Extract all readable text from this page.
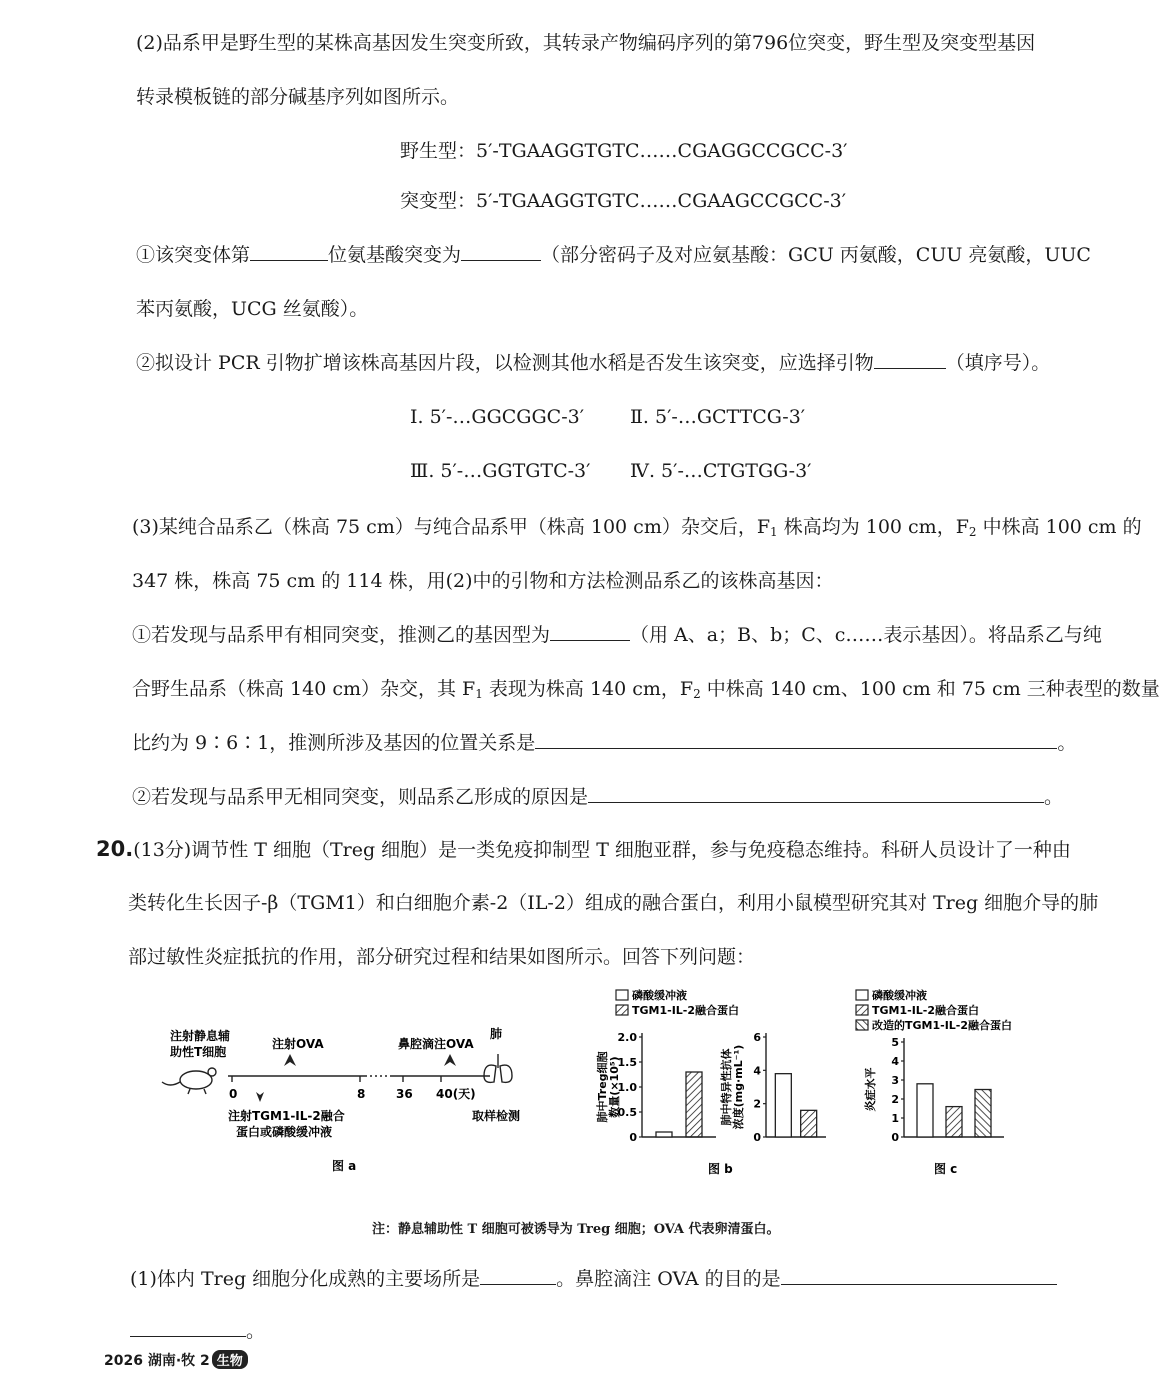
(2)品系甲是野生型的某株高基因发生突变所致，其转录产物编码序列的第796位突变，野生型及突变型基因
转录模板链的部分碱基序列如图所示。
野生型：5′-TGAAGGTGTC……CGAGGCCGCC-3′
突变型：5′-TGAAGGTGTC……CGAAGCCGCC-3′
①该突变体第	位氨基酸突变为	（部分密码子及对应氨基酸：GCU 丙氨酸，CUU 亮氨酸，UUC
苯丙氨酸，UCG 丝氨酸）。
②拟设计 PCR 引物扩增该株高基因片段，以检测其他水稻是否发生该突变，应选择引物	（填序号）。
Ⅰ. 5′-…GGCGGC-3′ Ⅱ. 5′-…GCTTCG-3′
Ⅲ. 5′-…GGTGTC-3′ Ⅳ. 5′-…CTGTGG-3′
(3)某纯合品系乙（株高 75 cm）与纯合品系甲（株高 100 cm）杂交后，$F_1$ 株高均为 100 cm，$F_2$ 中株高 100 cm 的
347 株，株高 75 cm 的 114 株，用(2)中的引物和方法检测品系乙的该株高基因：
①若发现与品系甲有相同突变，推测乙的基因型为	（用 A、a；B、b；C、c……表示基因）。将品系乙与纯
合野生品系（株高 140 cm）杂交，其 $F_1$ 表现为株高 140 cm，$F_2$ 中株高 140 cm、100 cm 和 75 cm 三种表型的数量
比约为 9∶6∶1，推测所涉及基因的位置关系是	。
②若发现与品系甲无相同突变，则品系乙形成的原因是	。
20.(13分)调节性 T 细胞（Treg 细胞）是一类免疫抑制型 T 细胞亚群，参与免疫稳态维持。科研人员设计了一种由
类转化生长因子-β（TGM1）和白细胞介素-2（IL-2）组成的融合蛋白，利用小鼠模型研究其对 Treg 细胞介导的肺
部过敏性炎症抵抗的作用，部分研究过程和结果如图所示。回答下列问题：
注射静息辅
助性T细胞
注射OVA	鼻腔滴注OVA
肺
0	8	36 40(天)
注射TGM1-IL-2融合
蛋白或磷酸缓冲液
取样检测
图 a
磷酸缓冲液
TGM1-IL-2融合蛋白
0
0.5
1.0
1.5
2.0
肺中Treg细胞 数量(×10⁵)
0
2
4
6
肺中特异性抗体 浓度(mg·mL⁻¹)
图 b
磷酸缓冲液
TGM1-IL-2融合蛋白
改造的TGM1-IL-2融合蛋白
0
1
2
3
4
5
炎症水平
图 c
注：静息辅助性 T 细胞可被诱导为 Treg 细胞；OVA 代表卵清蛋白。
(1)体内 Treg 细胞分化成熟的主要场所是	。鼻腔滴注 OVA 的目的是
。
2026 湖南·牧 2 生物
